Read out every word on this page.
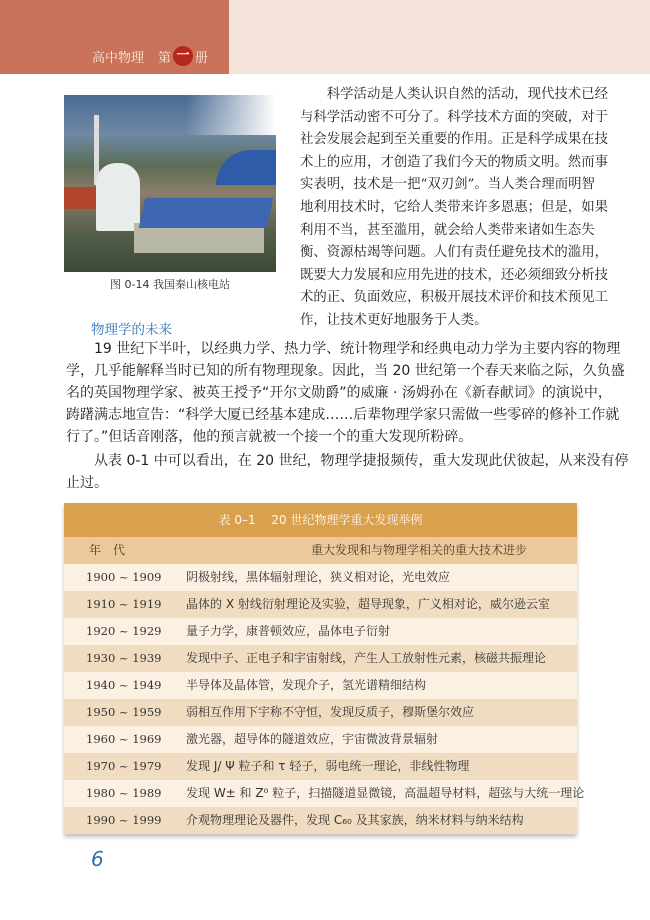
高中物理 第 一 册
图 0-14 我国秦山核电站
　　科学活动是人类认识自然的活动，现代技术已经
与科学活动密不可分了。科学技术方面的突破，对于
社会发展会起到至关重要的作用。正是科学成果在技
术上的应用，才创造了我们今天的物质文明。然而事
实表明，技术是一把“双刃剑”。当人类合理而明智
地利用技术时，它给人类带来许多恩惠；但是，如果
利用不当，甚至滥用，就会给人类带来诸如生态失
衡、资源枯竭等问题。人们有责任避免技术的滥用，
既要大力发展和应用先进的技术，还必须细致分析技
术的正、负面效应，积极开展技术评价和技术预见工
作，让技术更好地服务于人类。
物理学的未来
　　19 世纪下半叶，以经典力学、热力学、统计物理学和经典电动力学为主要内容的物理
学，几乎能解释当时已知的所有物理现象。因此，当 20 世纪第一个春天来临之际，久负盛
名的英国物理学家、被英王授予“开尔文勋爵”的威廉 · 汤姆孙在《新春献词》的演说中，
踌躇满志地宣告：“科学大厦已经基本建成……后辈物理学家只需做一些零碎的修补工作就
行了。”但话音刚落，他的预言就被一个接一个的重大发现所粉碎。
　　从表 0-1 中可以看出，在 20 世纪，物理学捷报频传，重大发现此伏彼起，从来没有停
止过。
表 0–1　 20 世纪物理学重大发现举例
年　代	重大发现和与物理学相关的重大技术进步
1900 ~ 1909	阴极射线，黑体辐射理论，狭义相对论，光电效应
1910 ~ 1919	晶体的 X 射线衍射理论及实验，超导现象，广义相对论，威尔逊云室
1920 ~ 1929	量子力学，康普顿效应，晶体电子衍射
1930 ~ 1939	发现中子、正电子和宇宙射线，产生人工放射性元素，核磁共振理论
1940 ~ 1949	半导体及晶体管，发现介子，氢光谱精细结构
1950 ~ 1959	弱相互作用下宇称不守恒，发现反质子，穆斯堡尔效应
1960 ~ 1969	激光器，超导体的隧道效应，宇宙微波背景辐射
1970 ~ 1979	发现 J/ Ψ 粒子和 τ 轻子，弱电统一理论，非线性物理
1980 ~ 1989	发现 W± 和 Z⁰ 粒子，扫描隧道显微镜，高温超导材料，超弦与大统一理论
1990 ~ 1999	介观物理理论及器件，发现 C₆₀ 及其家族，纳米材料与纳米结构
6
